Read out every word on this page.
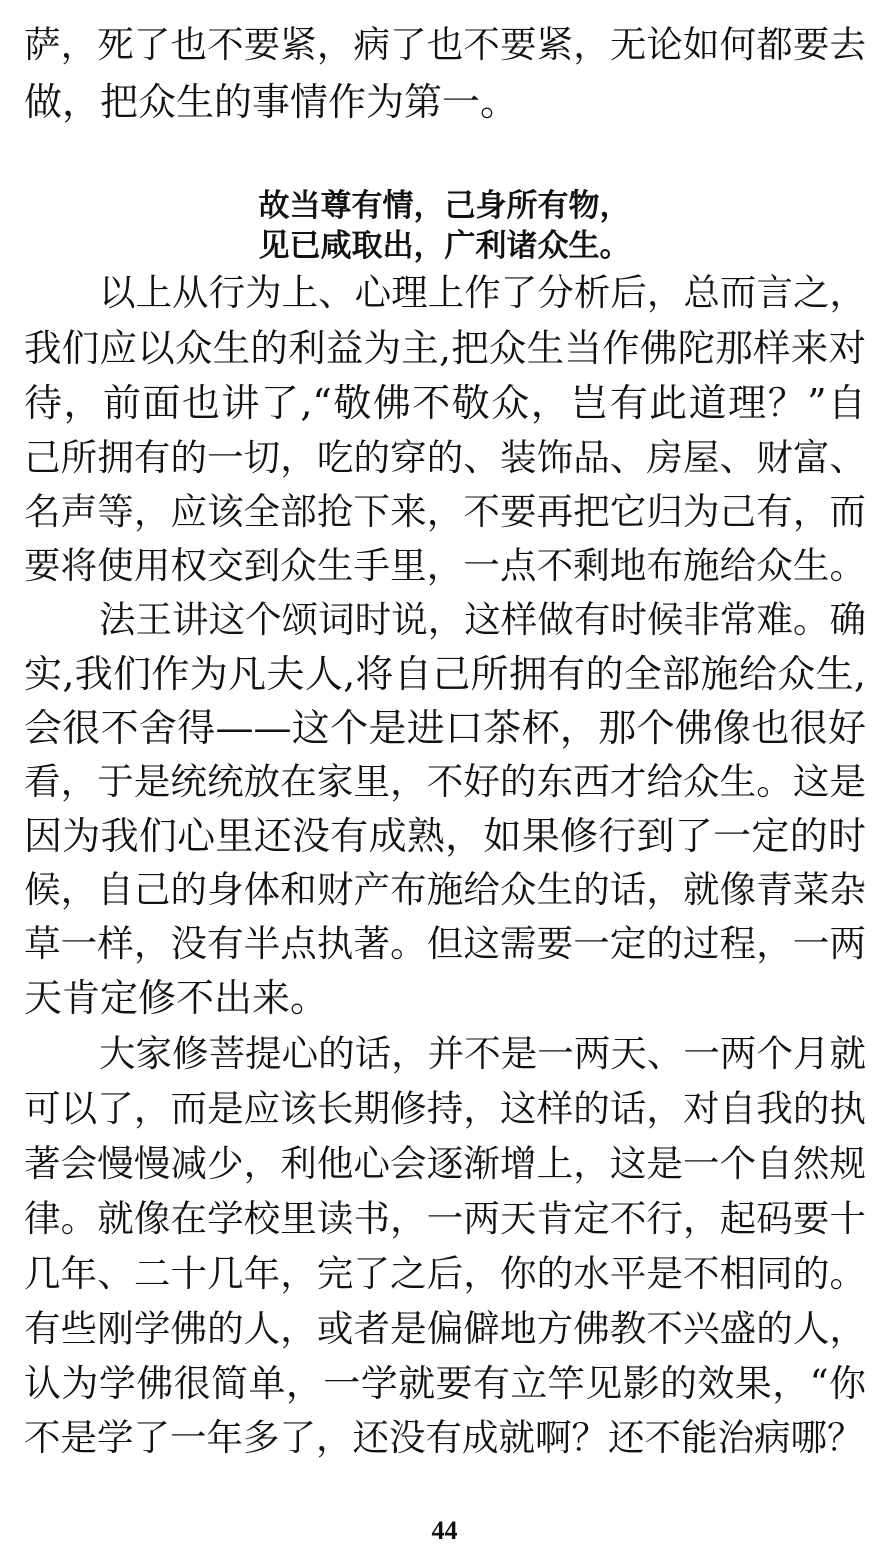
萨，死了也不要紧，病了也不要紧，无论如何都要去
做，把众生的事情作为第一。
故当尊有情，己身所有物，
见已咸取出，广利诸众生。
以上从行为上、心理上作了分析后，总而言之，
我们应以众生的利益为主,把众生当作佛陀那样来对
待，前面也讲了,“敬佛不敬众，岂有此道理？”自
己所拥有的一切，吃的穿的、装饰品、房屋、财富、
名声等，应该全部抢下来，不要再把它归为己有，而
要将使用权交到众生手里，一点不剩地布施给众生。
法王讲这个颂词时说，这样做有时候非常难。确
实,我们作为凡夫人,将自己所拥有的全部施给众生,
会很不舍得——这个是进口茶杯，那个佛像也很好
看，于是统统放在家里，不好的东西才给众生。这是
因为我们心里还没有成熟，如果修行到了一定的时
候，自己的身体和财产布施给众生的话，就像青菜杂
草一样，没有半点执著。但这需要一定的过程，一两
天肯定修不出来。
大家修菩提心的话，并不是一两天、一两个月就
可以了，而是应该长期修持，这样的话，对自我的执
著会慢慢减少，利他心会逐渐增上，这是一个自然规
律。就像在学校里读书，一两天肯定不行，起码要十
几年、二十几年，完了之后，你的水平是不相同的。
有些刚学佛的人，或者是偏僻地方佛教不兴盛的人，
认为学佛很简单，一学就要有立竿见影的效果，“你
不是学了一年多了，还没有成就啊？还不能治病哪？
44
